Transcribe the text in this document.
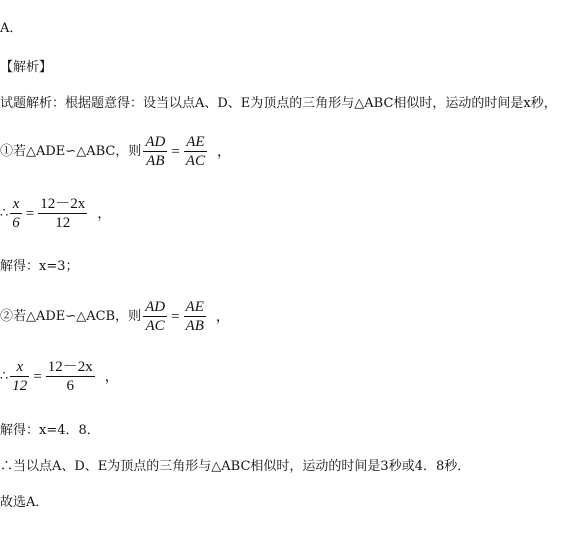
A．
【解析】
试题解析：根据题意得：设当以点A、D、E为顶点的三角形与△ABC相似时，运动的时间是x秒，
①若△ADE∽△ABC，则 $\frac{AD}{AB} = \frac{AE}{AC}$ ，
∴ $\frac{x}{6} = \frac{12-2x}{12}$ ，
解得：x=3；
②若△ADE∽△ACB，则 $\frac{AD}{AC} = \frac{AE}{AB}$ ，
∴ $\frac{x}{12} = \frac{12-2x}{6}$ ，
解得：x=4．8．
∴当以点A、D、E为顶点的三角形与△ABC相似时，运动的时间是3秒或4．8秒．
故选A．
